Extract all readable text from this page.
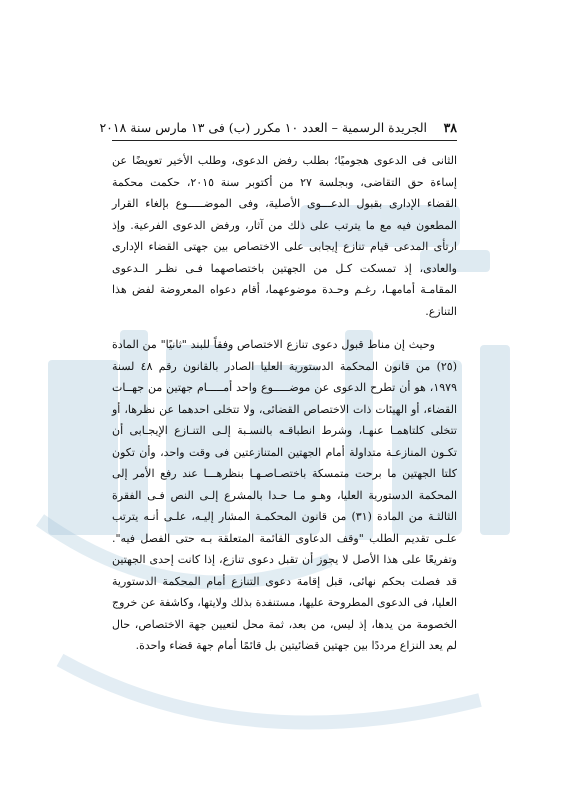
٣٨
الجريدة الرسمية – العدد ١٠ مكرر (ب) فى ١٣ مارس سنة ٢٠١٨

الثانى فى الدعوى هجوميًا؛ بطلب رفض الدعوى، وطلب الأخير تعويضًا عن إساءة حق التقاضى، وبجلسة ٢٧ من أكتوبر سنة ٢٠١٥، حكمت محكمة القضاء الإدارى بقبول الدعـــوى الأصلية، وفى الموضـــــوع بإلغاء القرار المطعون فيه مع ما يترتب على ذلك من آثار، ورفض الدعوى الفرعية. وإذ ارتأى المدعى قيام تنازع إيجابى على الاختصاص بين جهتى القضاء الإدارى والعادى، إذ تمسكت كـل من الجهتين باختصاصهما فـى نظـر الـدعوى المقامـة أمامهـا، رغـم وحـدة موضوعهما، أقام دعواه المعروضة لفض هذا التنازع.

وحيث إن مناط قبول دعوى تنازع الاختصاص وفقاً للبند "ثانيًا" من المادة (٢٥) من قانون المحكمة الدستورية العليا الصادر بالقانون رقم ٤٨ لسنة ١٩٧٩، هو أن تطرح الدعوى عن موضـــــوع واحد أمـــــام جهتين من جهــات القضاء، أو الهيئات ذات الاختصاص القضائى، ولا تتخلى احدهما عن نظرها، أو تتخلى كلتاهمـا عنهـا، وشرط انطباقـه بالنسـبة إلـى التنـازع الإيجـابى أن تكـون المنازعـة متداولة أمام الجهتين المتنازعتين فى وقت واحد، وأن تكون كلتا الجهتين ما برحت متمسكة باختصـاصـهـا بنظرهـــا عند رفع الأمر إلى المحكمة الدستورية العليا، وهـو مـا حـدا بالمشرع إلـى النص فـى الفقرة الثالثـة من المادة (٣١) من قانون المحكمـة المشار إليـه، علـى أنـه يترتب علـى تقديم الطلب "وقف الدعاوى القائمة المتعلقة بـه حتى الفصل فيه". وتفريعًا على هذا الأصل لا يجوز أن تقبل دعوى تنازع، إذا كانت إحدى الجهتين قد فصلت بحكم نهائى، قبل إقامة دعوى التنازع أمام المحكمة الدستورية العليا، فى الدعوى المطروحة عليها، مستنفدة بذلك ولايتها، وكاشفة عن خروج الخصومة من يدها، إذ ليس، من بعد، ثمة محل لتعيين جهة الاختصاص، حال لم يعد النزاع مرددًا بين جهتين قضائيتين بل قائمًا أمام جهة قضاء واحدة.
